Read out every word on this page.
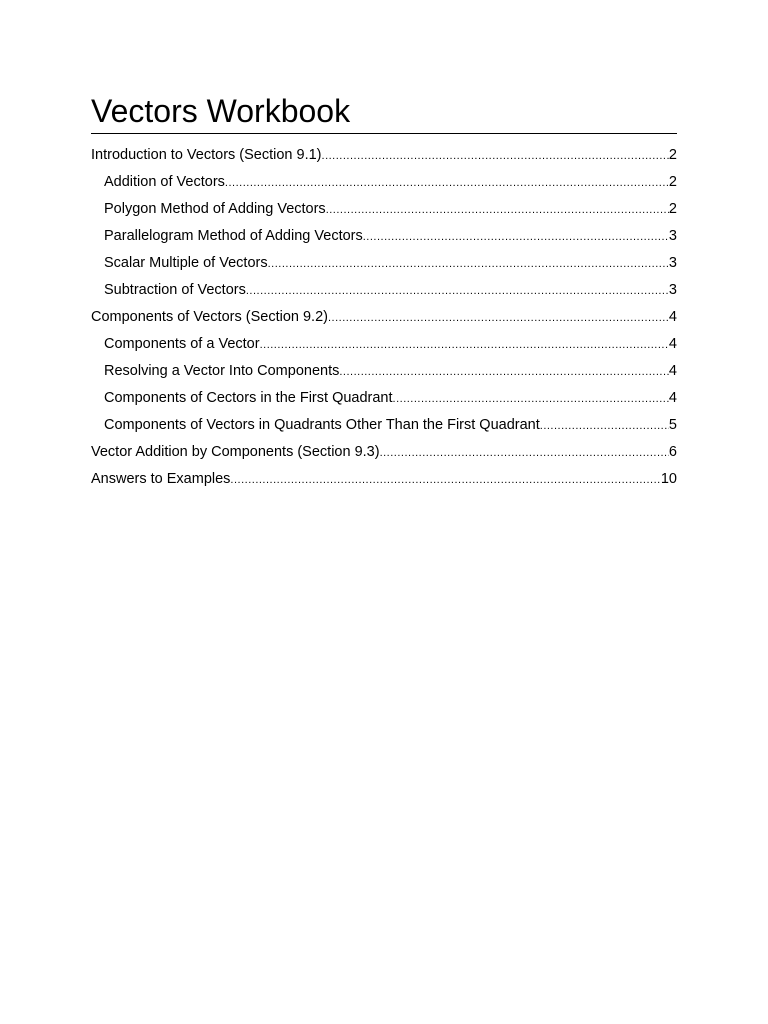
Vectors Workbook
Introduction to Vectors (Section 9.1) .....	2
Addition of Vectors .....	2
Polygon Method of Adding Vectors .....	2
Parallelogram Method of Adding Vectors .....	3
Scalar Multiple of Vectors .....	3
Subtraction of Vectors .....	3
Components of Vectors (Section 9.2) .....	4
Components of a Vector .....	4
Resolving a Vector Into Components .....	4
Components of Cectors in the First Quadrant .....	4
Components of Vectors in Quadrants Other Than the First Quadrant .....	5
Vector Addition by Components (Section 9.3) .....	6
Answers to Examples .....	10
